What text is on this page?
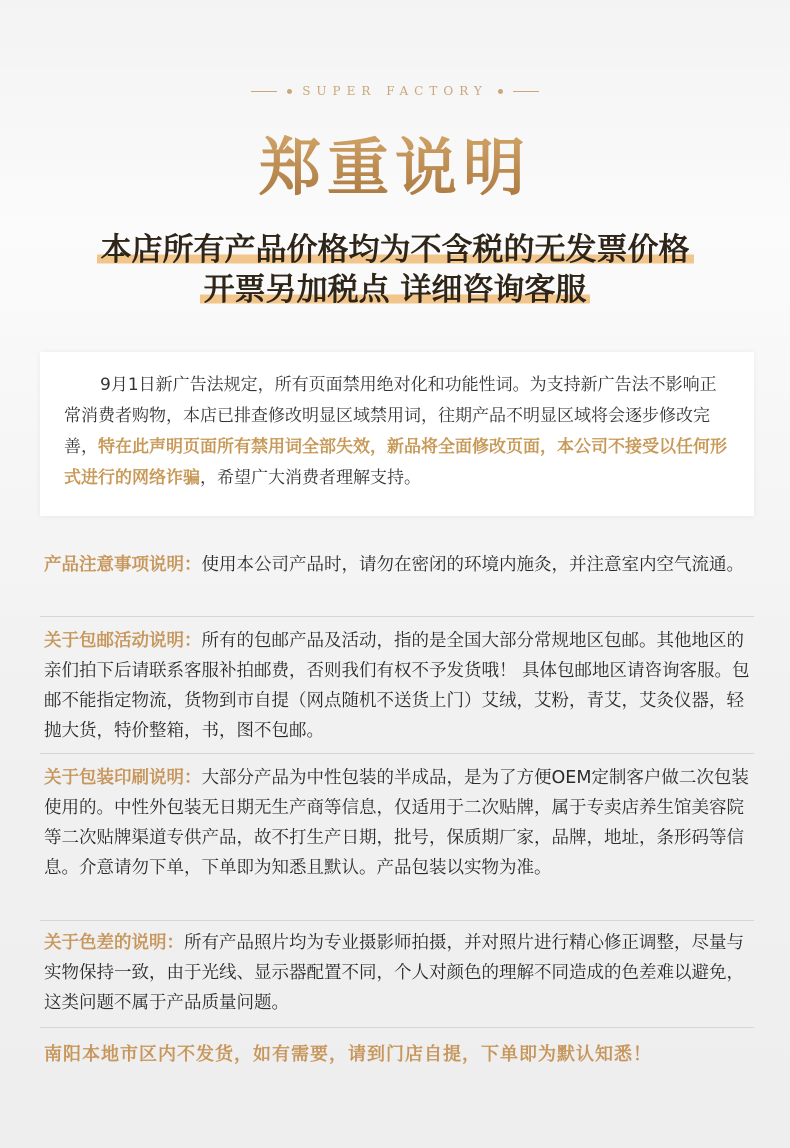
SUPER FACTORY
郑重说明
本店所有产品价格均为不含税的无发票价格
开票另加税点 详细咨询客服
9月1日新广告法规定，所有页面禁用绝对化和功能性词。为支持新广告法不影响正常消费者购物，本店已排查修改明显区域禁用词，往期产品不明显区域将会逐步修改完善，特在此声明页面所有禁用词全部失效，新品将全面修改页面，本公司不接受以任何形式进行的网络诈骗，希望广大消费者理解支持。
产品注意事项说明：使用本公司产品时，请勿在密闭的环境内施灸，并注意室内空气流通。
关于包邮活动说明：所有的包邮产品及活动，指的是全国大部分常规地区包邮。其他地区的亲们拍下后请联系客服补拍邮费，否则我们有权不予发货哦！ 具体包邮地区请咨询客服。包邮不能指定物流，货物到市自提（网点随机不送货上门）艾绒，艾粉，青艾，艾灸仪器，轻抛大货，特价整箱，书，图不包邮。
关于包装印刷说明：大部分产品为中性包装的半成品，是为了方便OEM定制客户做二次包装使用的。中性外包装无日期无生产商等信息，仅适用于二次贴牌，属于专卖店养生馆美容院等二次贴牌渠道专供产品，故不打生产日期，批号，保质期厂家，品牌，地址，条形码等信息。介意请勿下单，下单即为知悉且默认。产品包装以实物为准。
关于色差的说明：所有产品照片均为专业摄影师拍摄，并对照片进行精心修正调整，尽量与实物保持一致，由于光线、显示器配置不同，个人对颜色的理解不同造成的色差难以避免，这类问题不属于产品质量问题。
南阳本地市区内不发货，如有需要，请到门店自提，下单即为默认知悉！
